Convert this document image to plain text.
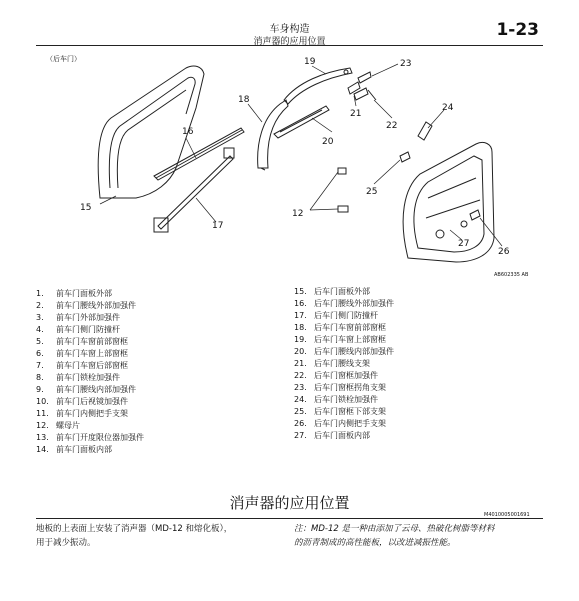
车身构造
消声器的应用位置
1-23
（后车门）
15
16
17
18
19
20
21
22
23
24
25
26
27
12
AB602335 AB
1. 前车门面板外部
2. 前车门腰线外部加强件
3. 前车门外部加强件
4. 前车门侧门防撞杆
5. 前车门车窗前部窗框
6. 前车门车窗上部窗框
7. 前车门车窗后部窗框
8. 前车门锁栓加强件
9. 前车门腰线内部加强件
10. 前车门后视镜加强件
11. 前车门内侧把手支架
12. 螺母片
13. 前车门开度限位器加强件
14. 前车门面板内部
15. 后车门面板外部
16. 后车门腰线外部加强件
17. 后车门侧门防撞杆
18. 后车门车窗前部窗框
19. 后车门车窗上部窗框
20. 后车门腰线内部加强件
21. 后车门腰线支架
22. 后车门窗框加强件
23. 后车门窗框拐角支架
24. 后车门锁栓加强件
25. 后车门窗框下部支架
26. 后车门内侧把手支架
27. 后车门面板内部
消声器的应用位置
M4010005001691
地板的上表面上安装了消声器（MD-12 和熔化板），
用于减少振动。
注：MD-12 是一种由添加了云母、热破化树脂等材料
的沥青制成的高性能板，以改进减振性能。
